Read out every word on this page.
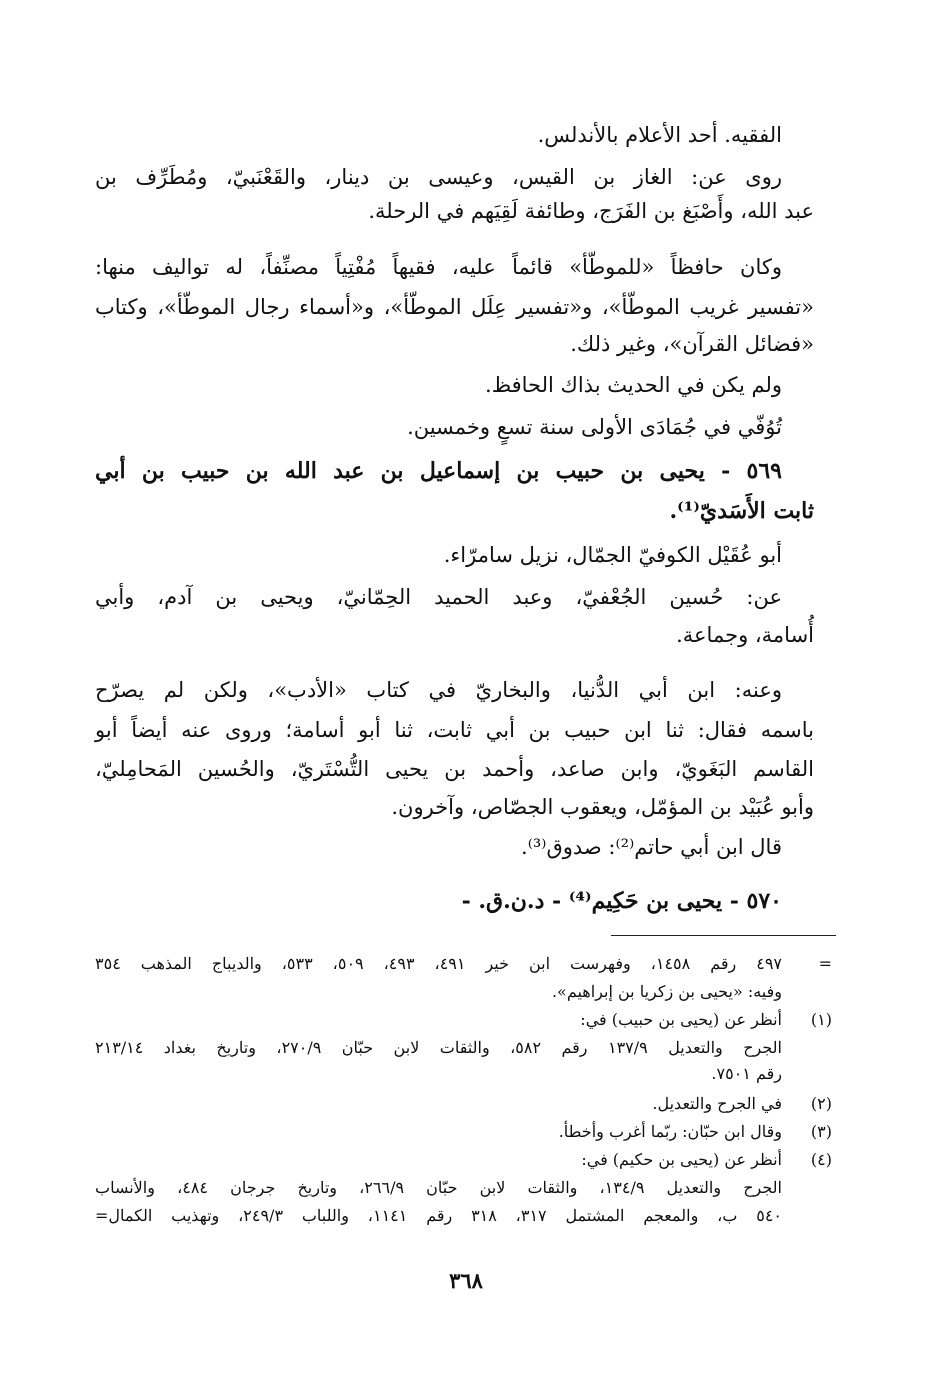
الفقيه. أحد الأعلام بالأندلس.
روى عن: الغاز بن القيس، وعيسى بن دينار، والقَعْنَبيّ، ومُطَرِّف بن
عبد الله، وأَصْبَغ بن الفَرَج، وطائفة لَقِيَهم في الرحلة.
وكان حافظاً «للموطّأ» قائماً عليه، فقيهاً مُفْتِياً مصنِّفاً، له تواليف منها:
«تفسير غريب الموطّأ»، و«تفسير عِلَل الموطّأ»، و«أسماء رجال الموطّأ»، وكتاب
«فضائل القرآن»، وغير ذلك.
ولم يكن في الحديث بذاك الحافظ.
تُوُفّي في جُمَادَى الأولى سنة تسعٍ وخمسين.
٥٦٩ - يحيى بن حبيب بن إسماعيل بن عبد الله بن حبيب بن أبي
ثابت الأَسَديّ⁽¹⁾.
أبو عُقَيْل الكوفيّ الجمّال، نزيل سامرّاء.
عن: حُسين الجُعْفيّ، وعبد الحميد الحِمّانيّ، ويحيى بن آدم، وأبي
أُسامة، وجماعة.
وعنه: ابن أبي الدُّنيا، والبخاريّ في كتاب «الأدب»، ولكن لم يصرّح
باسمه فقال: ثنا ابن حبيب بن أبي ثابت، ثنا أبو أسامة؛ وروى عنه أيضاً أبو
القاسم البَغَويّ، وابن صاعد، وأحمد بن يحيى التُّسْتَريّ، والحُسين المَحامِليّ،
وأبو عُبَيْد بن المؤمّل، ويعقوب الجصّاص، وآخرون.
قال ابن أبي حاتم⁽²⁾: صدوق⁽³⁾.
٥٧٠ - يحيى بن حَكِيم⁽⁴⁾ - د.ن.ق. -
=
٤٩٧ رقم ١٤٥٨، وفهرست ابن خير ٤٩١، ٤٩٣، ٥٠٩، ٥٣٣، والديباج المذهب ٣٥٤
وفيه: «يحيى بن زكريا بن إبراهيم».
(١)
أنظر عن (يحيى بن حبيب) في:
الجرح والتعديل ١٣٧/٩ رقم ٥٨٢، والثقات لابن حبّان ٢٧٠/٩، وتاريخ بغداد ٢١٣/١٤
رقم ٧٥٠١.
(٢)
في الجرح والتعديل.
(٣)
وقال ابن حبّان: ربّما أغرب وأخطأ.
(٤)
أنظر عن (يحيى بن حكيم) في:
الجرح والتعديل ١٣٤/٩، والثقات لابن حبّان ٢٦٦/٩، وتاريخ جرجان ٤٨٤، والأنساب
٥٤٠ ب، والمعجم المشتمل ٣١٧، ٣١٨ رقم ١١٤١، واللباب ٢٤٩/٣، وتهذيب الكمال=
٣٦٨
